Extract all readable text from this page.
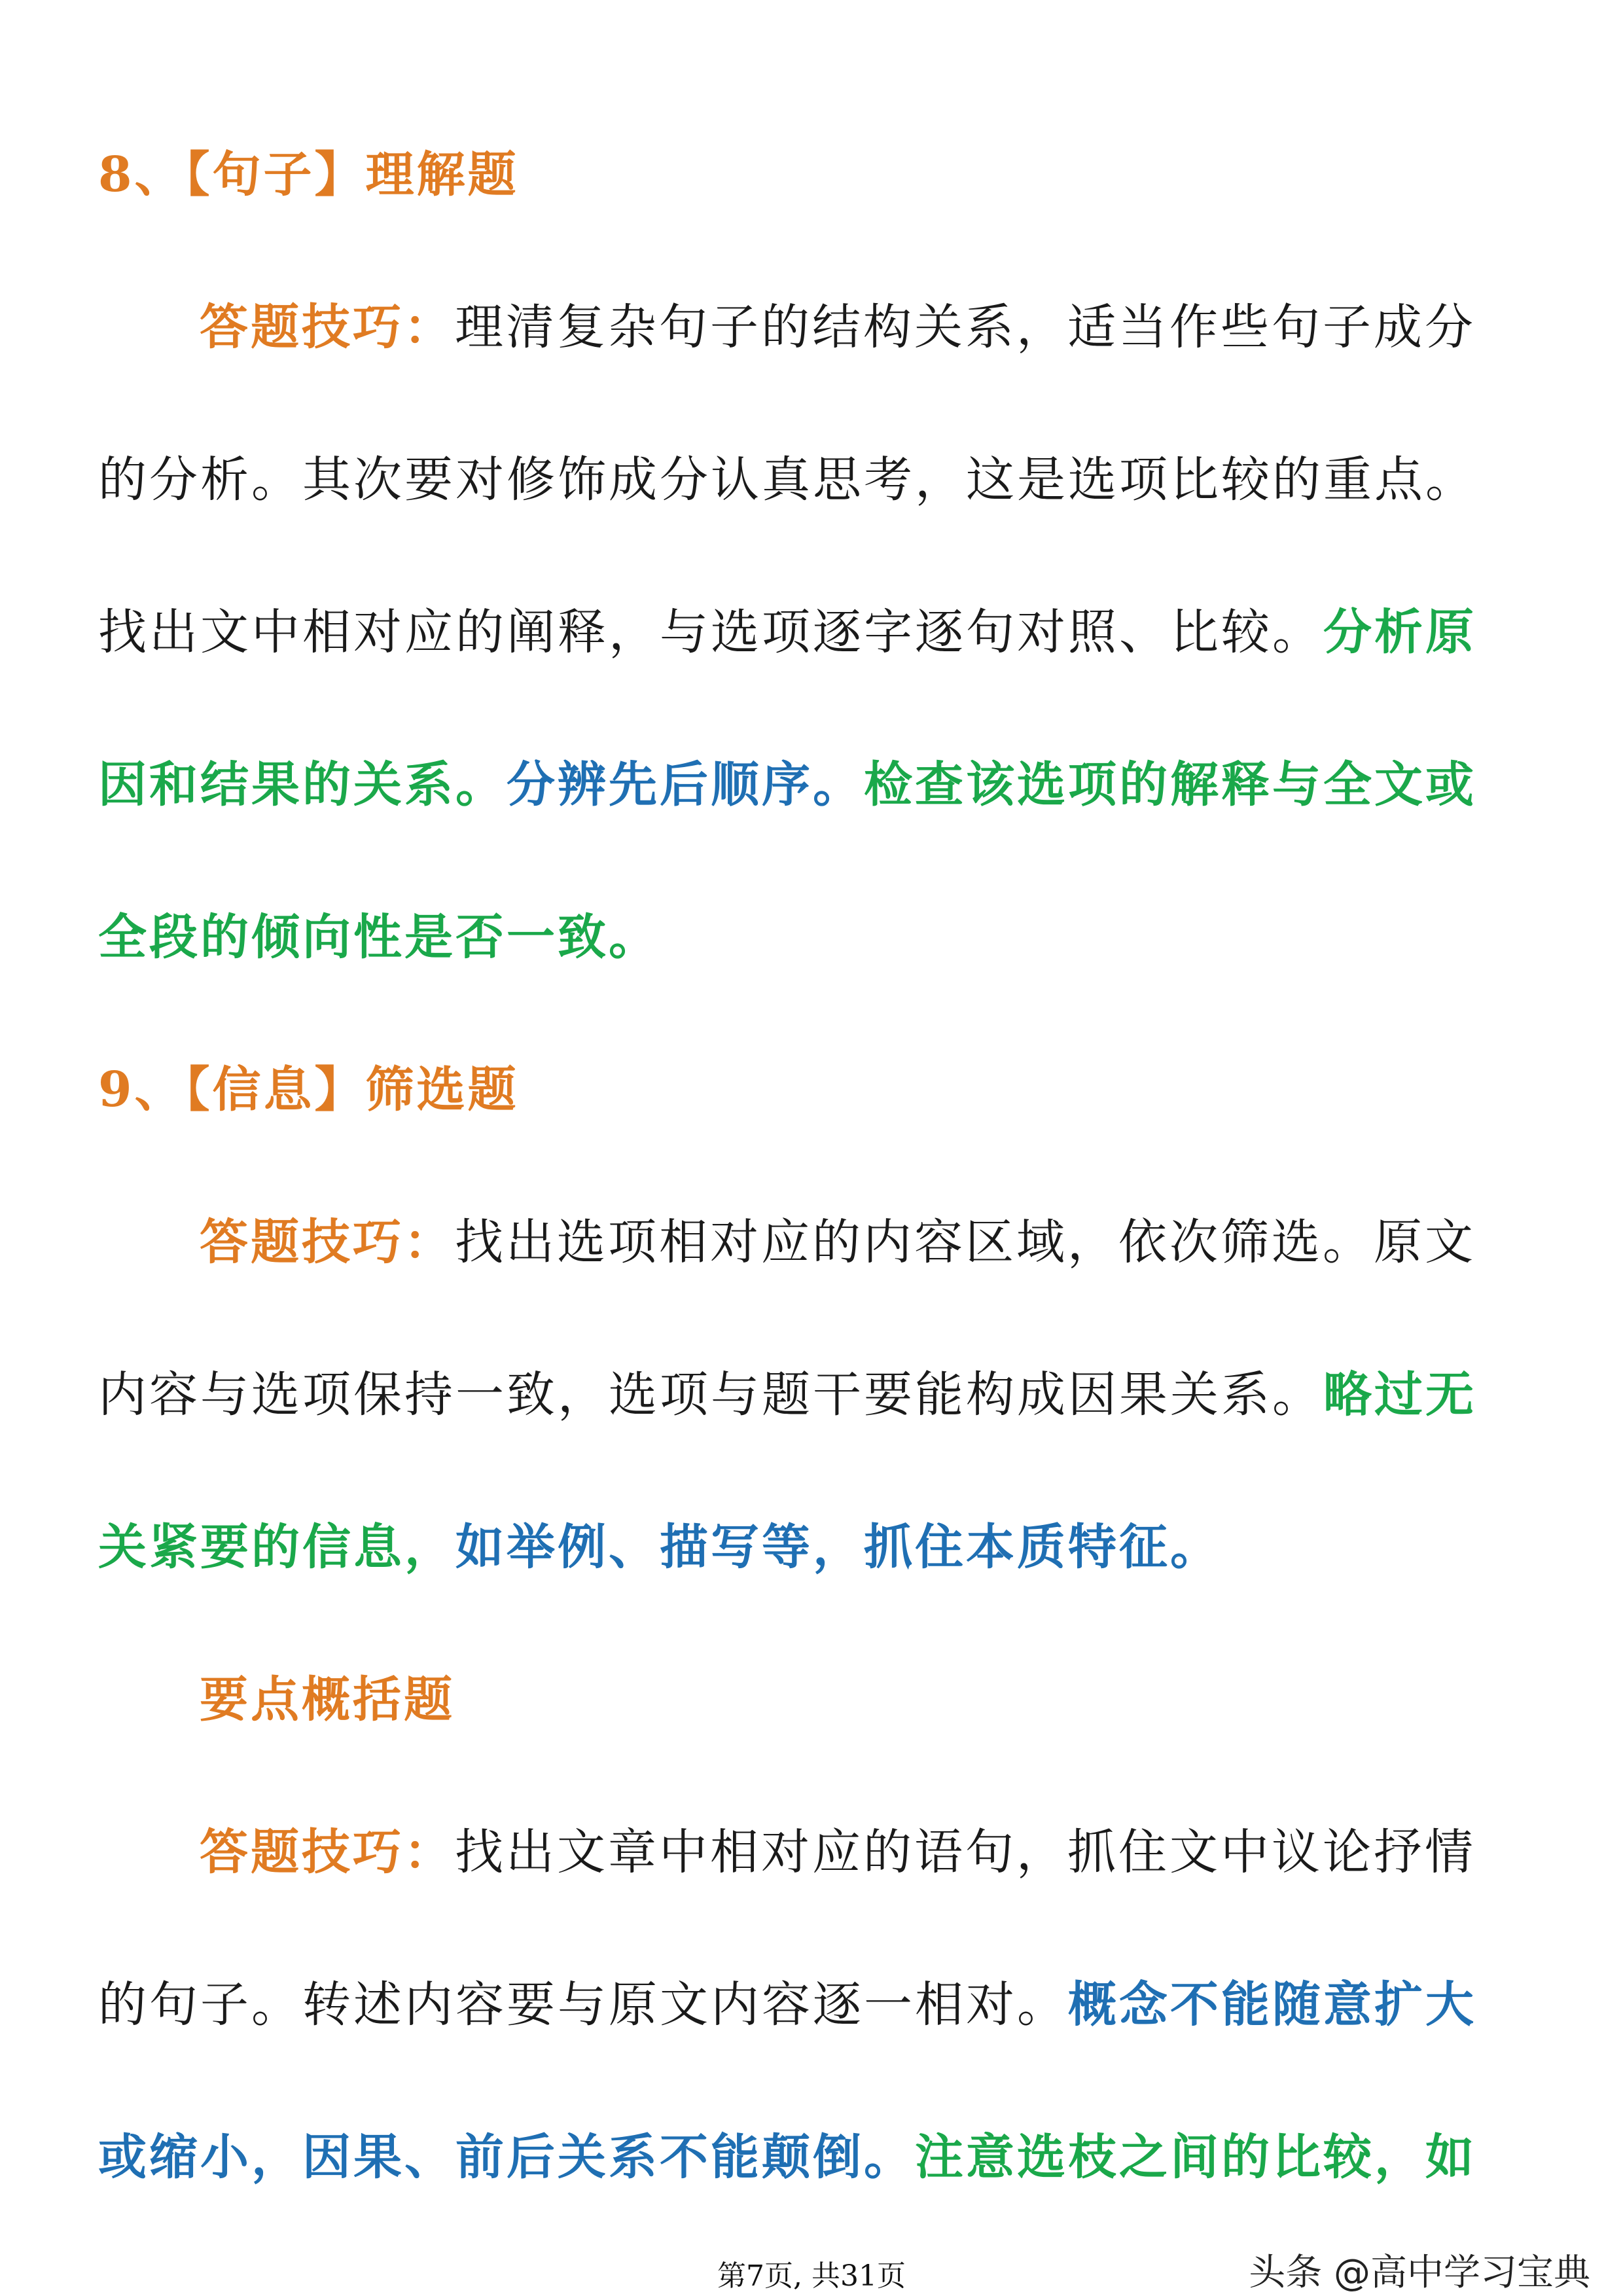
8、【句子】理解题
答题技巧：理清复杂句子的结构关系，适当作些句子成分
的分析。其次要对修饰成分认真思考，这是选项比较的重点。
找出文中相对应的阐释，与选项逐字逐句对照、比较。分析原
因和结果的关系。分辨先后顺序。检查该选项的解释与全文或
全段的倾向性是否一致。
9、【信息】筛选题
答题技巧：找出选项相对应的内容区域，依次筛选。原文
内容与选项保持一致，选项与题干要能构成因果关系。略过无
关紧要的信息，如举例、描写等，抓住本质特征。
要点概括题
答题技巧：找出文章中相对应的语句，抓住文中议论抒情
的句子。转述内容要与原文内容逐一相对。概念不能随意扩大
或缩小，因果、前后关系不能颠倒。注意选枝之间的比较，如
第7页, 共31页	头条 @高中学习宝典
